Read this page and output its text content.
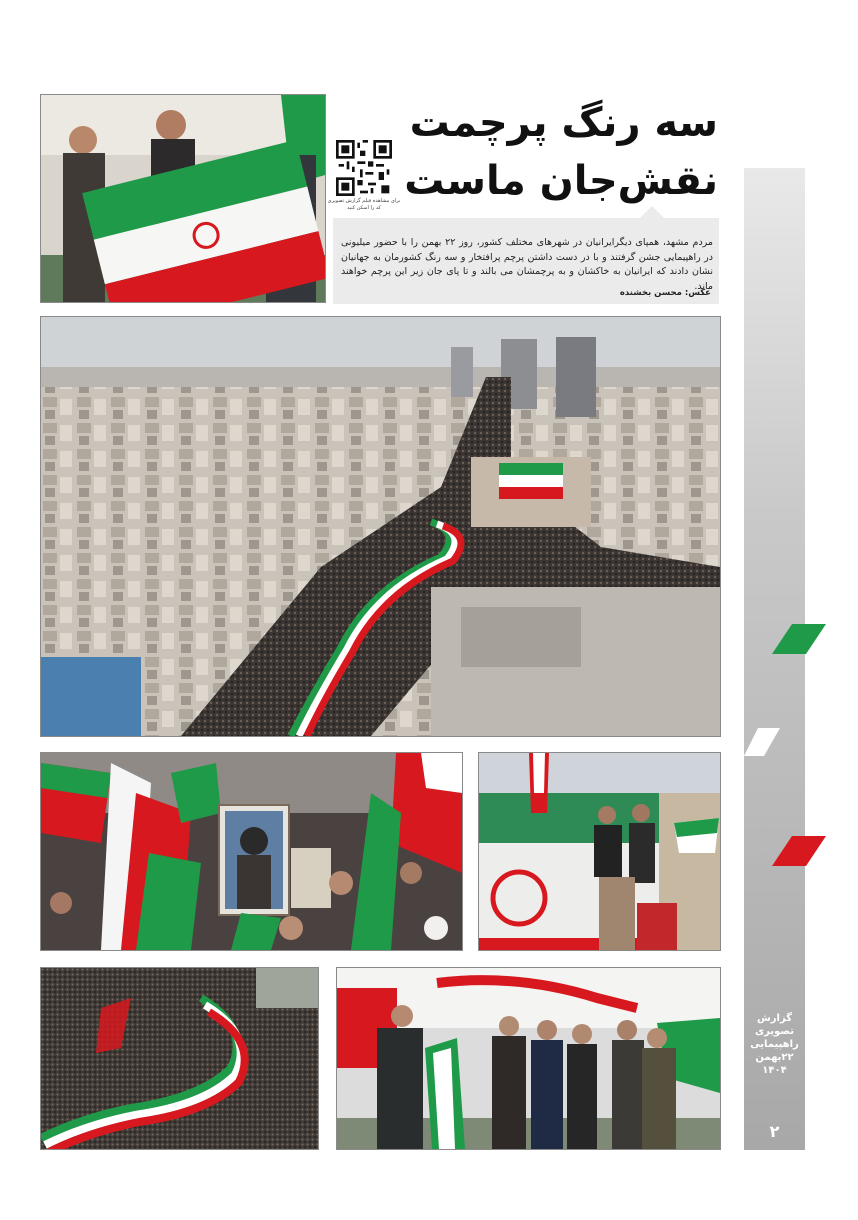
گزارش
تصویری
راهپیمایی
۲۲بهمن
۱۴۰۴
۲
سه رنگ پرچمت
نقش‌جان ماست
برای مشاهده فیلم گزارش تصویری کد را اسکن کنید
مردم مشهد، همپای دیگرایرانیان در شهرهای مختلف کشور، روز ۲۲ بهمن را با حضور میلیونی در راهپیمایی جشن گرفتند و با در دست داشتن پرچم پرافتخار و سه رنگ کشورمان به جهانیان نشان دادند که ایرانیان به خاکشان و به پرچمشان می بالند و تا پای جان زیر این پرچم خواهند ماند.
عکس: محسن بخشنده
